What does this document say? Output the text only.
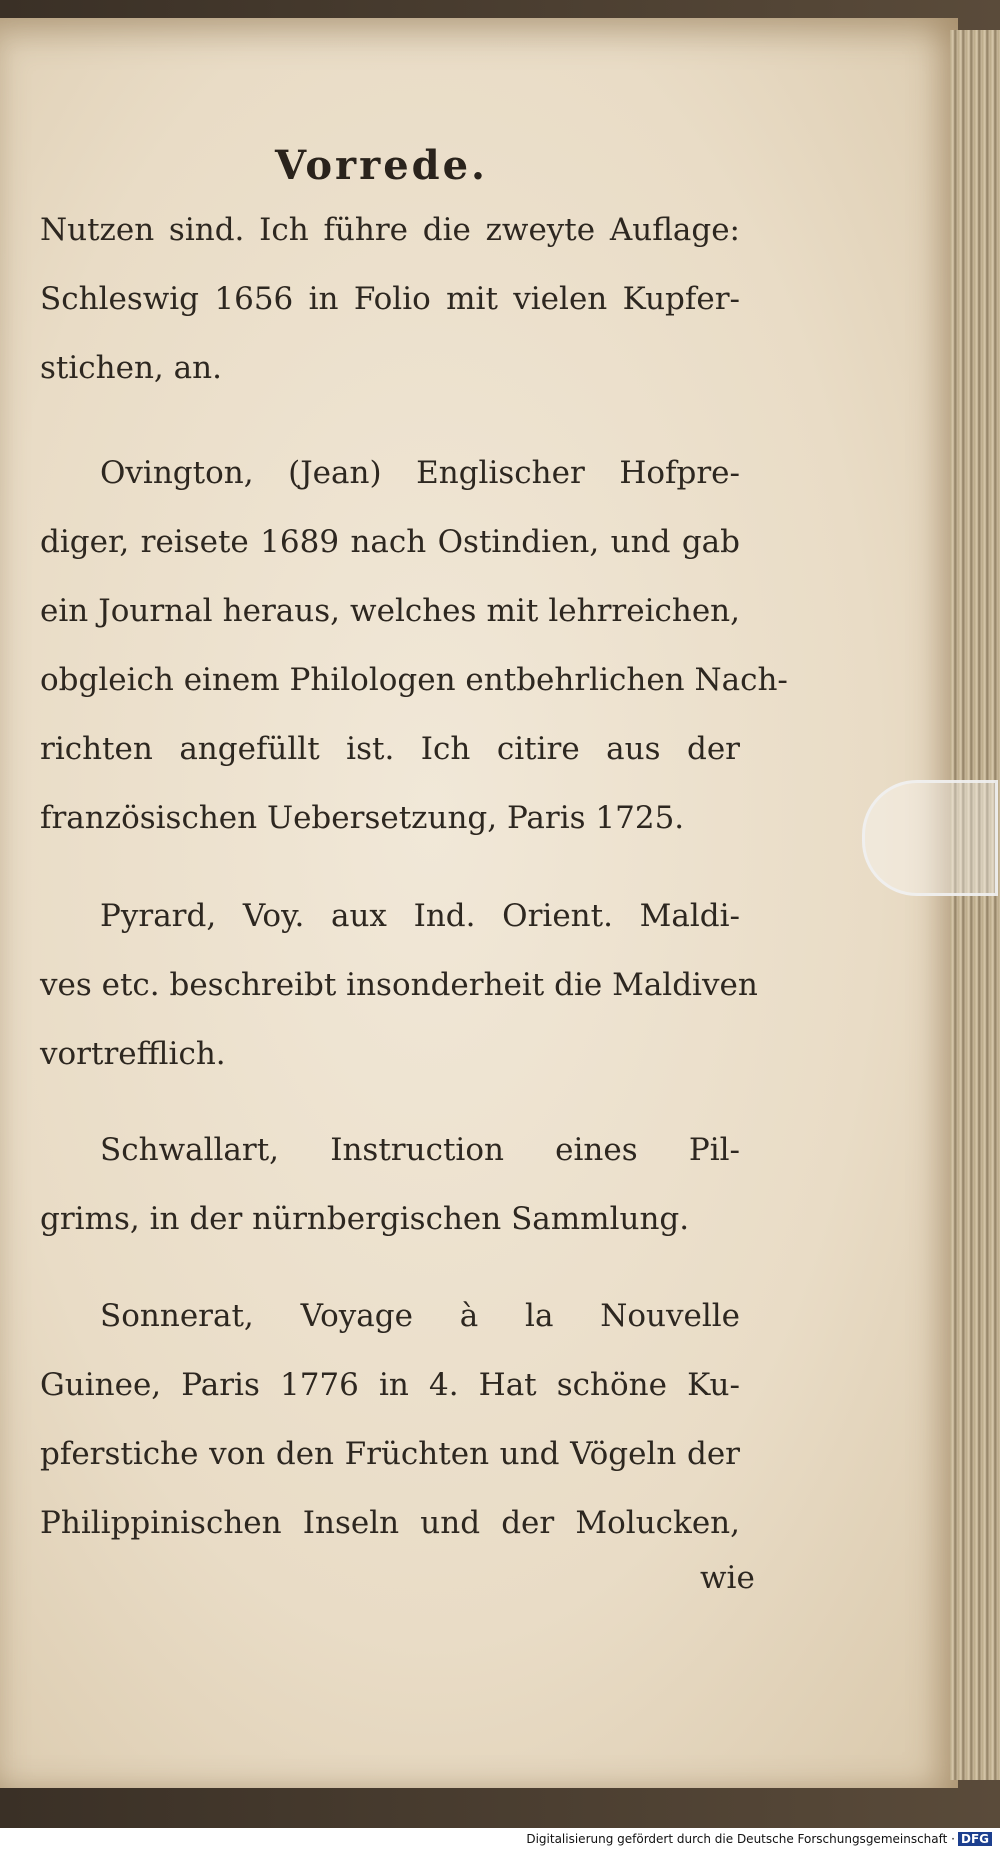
Vorrede.
Nutzen sind. Ich führe die zweyte Auflage:
Schleswig 1656 in Folio mit vielen Kupfer-
stichen, an.
Ovington, (Jean) Englischer Hofpre-
diger, reisete 1689 nach Ostindien, und gab
ein Journal heraus, welches mit lehrreichen,
obgleich einem Philologen entbehrlichen Nach-
richten angefüllt ist. Ich citire aus der
französischen Uebersetzung, Paris 1725.
Pyrard, Voy. aux Ind. Orient. Maldi-
ves etc. beschreibt insonderheit die Maldiven
vortrefflich.
Schwallart, Instruction eines Pil-
grims, in der nürnbergischen Sammlung.
Sonnerat, Voyage à la Nouvelle
Guinee, Paris 1776 in 4. Hat schöne Ku-
pferstiche von den Früchten und Vögeln der
Philippinischen Inseln und der Molucken,
wie
Digitalisierung gefördert durch die Deutsche Forschungsgemeinschaft · DFG
